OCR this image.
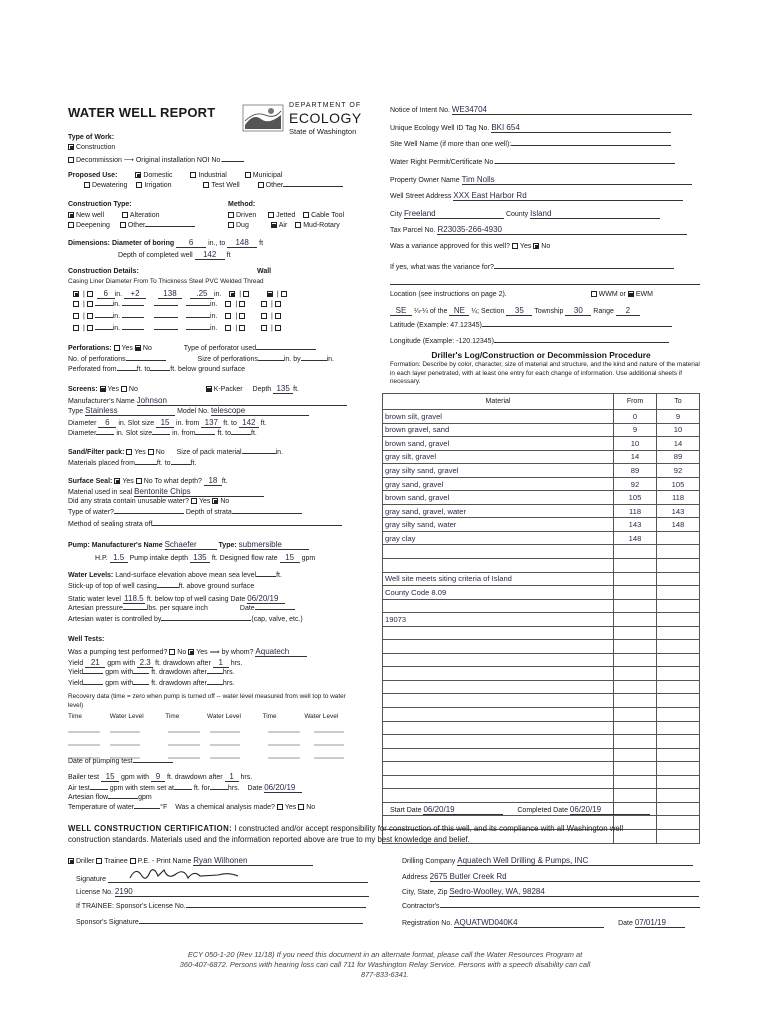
WATER WELL REPORT	DEPARTMENT OF
ECOLOGY
State of Washington
Type of Work:
Construction
Decommission ⟶ Original installation NOI No.
Proposed Use:	Domestic	Industrial	Municipal
Dewatering Irrigation	Test Well	Other
Construction Type:	Method:
New well	Alteration
Deepening	Other
Driven	Jetted Cable Tool
Dug	Air Mud-Rotary
Dimensions: Diameter of boring 6 in., to 148 ft
Depth of completed well 142 ft
Construction Details:	Wall
Casing Liner Diameter From To Thickness Steel PVC Welded Thread
|  6 in. +2	138 .25 in.  |	|
|	in.	in.  |	|
|	in.	in.  |	|
|	in.	in.  |	|
Perforations: Yes No	Type of perforator used
No. of perforations	Size of perforations	in. by	in.
Perforated from	ft. to	ft. below ground surface
Screens: Yes No	K-Packer Depth 135 ft.
Manufacturer's Name Johnson
Type Stainless	Model No. telescope
Diameter 6 in. Slot size 15 in. from 137 ft. to 142 ft.
Diameter	in. Slot size	in. from	ft. to	ft.
Sand/Filter pack: Yes No Size of pack material	in.
Materials placed from	ft. to	ft.
Surface Seal: Yes No To what depth? 18 ft.
Material used in seal Bentonite Chips
Did any strata contain unusable water? Yes No
Type of water?	Depth of strata
Method of sealing strata off
Pump: Manufacturer's Name Schaefer	Type: submersible
H.P. 1.5 Pump intake depth 135 ft. Designed flow rate 15 gpm
Water Levels: Land-surface elevation above mean sea level	ft.
Stick-up of top of well casing	ft. above ground surface
Static water level 118.5 ft. below top of well casing Date 06/20/19
Artesian pressure	lbs. per square inch	Date
Artesian water is controlled by	(cap, valve, etc.)
Well Tests:
Was a pumping test performed? No Yes ⟹ by whom? Aquatech
Yield 21 gpm with 2.3 ft. drawdown after 1 hrs.
Yield	gpm with	ft. drawdown after hrs.
Yield	gpm with	ft. drawdown after hrs.
Recovery data (time = zero when pump is turned off -- water level measured from well top to water level)
Time	Water Level	Time	Water Level	Time	Water Level
Date of pumping test
Bailer test 15 gpm with 9 ft. drawdown after 1 hrs.
Air test	gpm with stem set at	ft. for	hrs. Date 06/20/19
Artesian flow	gpm
Temperature of water	°F Was a chemical analysis made? Yes No
Notice of Intent No. WE34704
Unique Ecology Well ID Tag No. BKI 654
Site Well Name (if more than one well):
Water Right Permit/Certificate No.
Property Owner Name Tim Nolls
Well Street Address XXX East Harbor Rd
City Freeland	County Island
Tax Parcel No. R23035-266-4930
Was a variance approved for this well? Yes No
If yes, what was the variance for?
Location (see instructions on page 2).	WWM or EWM
SE ¼-¼ of the NE ¼; Section 35 Township 30 Range 2
Latitude (Example: 47.12345)
Longitude (Example: -120.12345)
Driller's Log/Construction or Decommission Procedure
Formation: Describe by color, character, size of material and structure, and the kind and nature of the material in each layer penetrated, with at least one entry for each change of information. Use additional sheets if necessary.
Material	From	To
brown silt, gravel	0	9
brown gravel, sand	9	10
brown sand, gravel	10	14
gray silt, gravel	14	89
gray silty sand, gravel	89	92
gray sand, gravel	92	105
brown sand, gravel	105	118
gray sand, gravel, water	118	143
gray silty sand, water	143	148
gray clay	148	

Well site meets siting criteria of Island		
County Code 8.09		

19073		

Start Date 06/20/19	Completed Date 06/20/19
WELL CONSTRUCTION CERTIFICATION: I constructed and/or accept responsibility for construction of this well, and its compliance with all Washington well
construction standards. Materials used and the information reported above are true to my best knowledge and belief.
Driller Trainee P.E. - Print Name Ryan Wilhonen
Signature
License No. 2190
If TRAINEE: Sponsor's License No.
Sponsor's Signature
Drilling Company Aquatech Well Drilling & Pumps, INC
Address 2675 Butler Creek Rd
City, State, Zip Sedro-Woolley, WA, 98284
Contractor's
Registration No. AQUATWD040K4	Date 07/01/19
ECY 050-1-20 (Rev 11/18) If you need this document in an alternate format, please call the Water Resources Program at
360-407-6872. Persons with hearing loss can call 711 for Washington Relay Service. Persons with a speech disability can call
877-833-6341.
